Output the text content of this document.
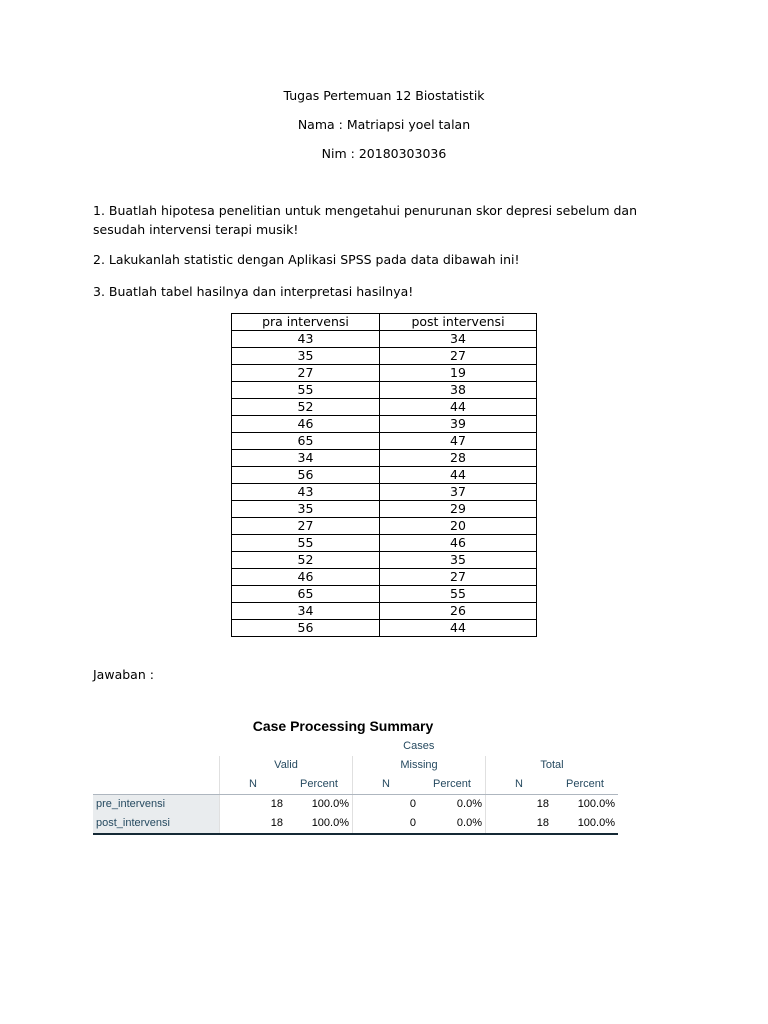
Tugas Pertemuan 12 Biostatistik
Nama : Matriapsi yoel talan
Nim : 20180303036
1. Buatlah hipotesa penelitian untuk mengetahui penurunan skor depresi sebelum dan sesudah intervensi terapi musik!
2. Lakukanlah statistic dengan Aplikasi SPSS pada data dibawah ini!
3. Buatlah tabel hasilnya dan interpretasi hasilnya!
pra intervensi	post intervensi
43	34
35	27
27	19
55	38
52	44
46	39
65	47
34	28
56	44
43	37
35	29
27	20
55	46
52	35
46	27
65	55
34	26
56	44
Jawaban :
Case Processing Summary
	Cases					
	Valid		Missing		Total	
	N	Percent	N	Percent	N	Percent
pre_intervensi	18	100.0%	0	0.0%	18	100.0%
post_intervensi	18	100.0%	0	0.0%	18	100.0%
